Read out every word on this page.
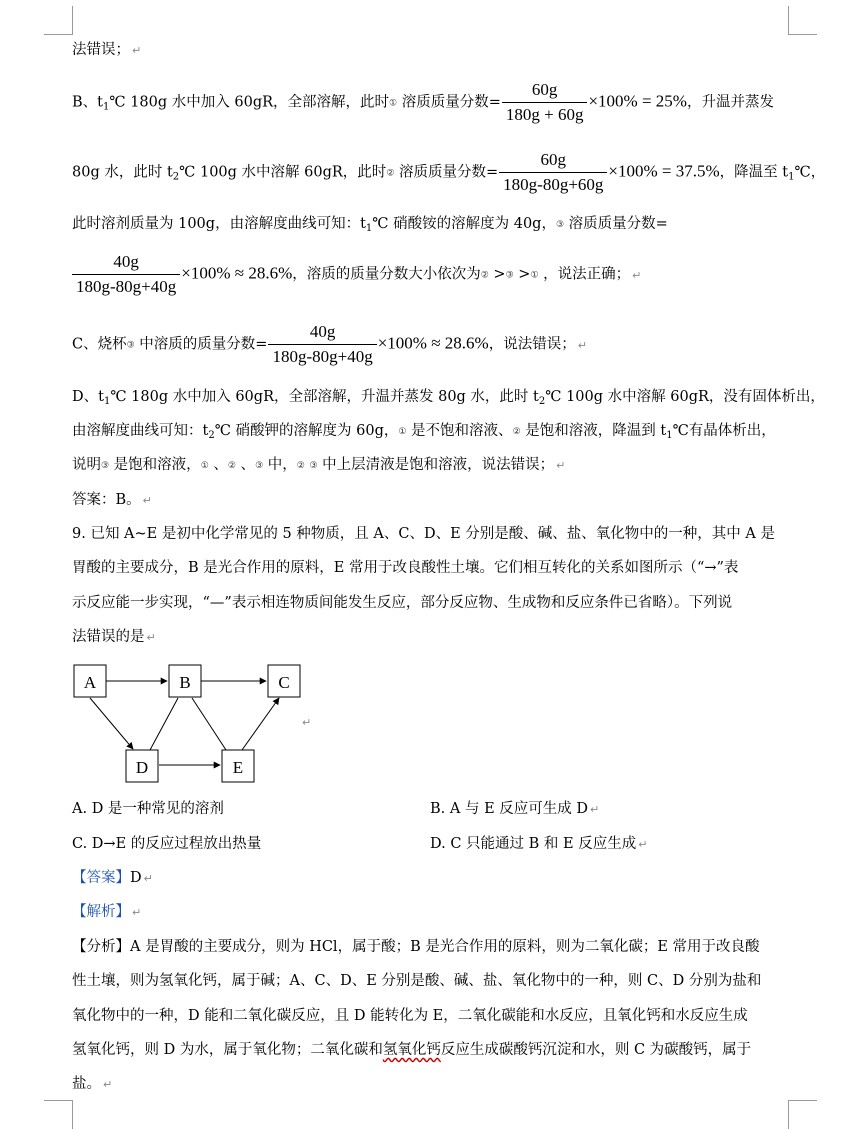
法错误； ↵
B、$t_1℃$ 180g 水中加入 60gR，全部溶解，此时① 溶质质量分数= $\frac{60g}{180g + 60g} \times 100\% = 25\%$，升温并蒸发
80g 水，此时 $t_2℃$ 100g 水中溶解 60gR，此时② 溶质质量分数= $\frac{60g}{180g-80g+60g} \times 100\% = 37.5\%$，降温至 $t_1℃$，
此时溶剂质量为 100g，由溶解度曲线可知：$t_1℃$ 硝酸铵的溶解度为 40g，③ 溶质质量分数=
$\frac{40g}{180g-80g+40g} \times 100\% \approx 28.6\%$，溶质的质量分数大小依次为② >③ >① ，说法正确； ↵
C、烧杯③ 中溶质的质量分数= $\frac{40g}{180g-80g+40g} \times 100\% \approx 28.6\%$，说法错误； ↵
D、$t_1℃$ 180g 水中加入 60gR，全部溶解，升温并蒸发 80g 水，此时 $t_2℃$ 100g 水中溶解 60gR，没有固体析出，
由溶解度曲线可知：$t_2℃$ 硝酸钾的溶解度为 60g，① 是不饱和溶液、② 是饱和溶液，降温到 $t_1℃$有晶体析出，
说明③ 是饱和溶液，① 、② 、③ 中，② ③ 中上层清液是饱和溶液，说法错误； ↵
答案：B。 ↵
9. 已知 A~E 是初中化学常见的 5 种物质，且 A、C、D、E 分别是酸、碱、盐、氧化物中的一种，其中 A 是
胃酸的主要成分，B 是光合作用的原料，E 常用于改良酸性土壤。它们相互转化的关系如图所示（“→”表
示反应能一步实现，“—”表示相连物质间能发生反应，部分反应物、生成物和反应条件已省略）。下列说
法错误的是 ↵
A	B	C
D	E
↵
A. D 是一种常见的溶剂	B. A 与 E 反应可生成 D ↵
C. D→E 的反应过程放出热量	D. C 只能通过 B 和 E 反应生成 ↵
【答案】D ↵
【解析】 ↵
【分析】A 是胃酸的主要成分，则为 HCl，属于酸；B 是光合作用的原料，则为二氧化碳；E 常用于改良酸
性土壤，则为氢氧化钙，属于碱；A、C、D、E 分别是酸、碱、盐、氧化物中的一种，则 C、D 分别为盐和
氧化物中的一种，D 能和二氧化碳反应，且 D 能转化为 E，二氧化碳能和水反应，且氧化钙和水反应生成
氢氧化钙，则 D 为水，属于氧化物；二氧化碳和氢氧化钙反应生成碳酸钙沉淀和水，则 C 为碳酸钙，属于
盐。 ↵
